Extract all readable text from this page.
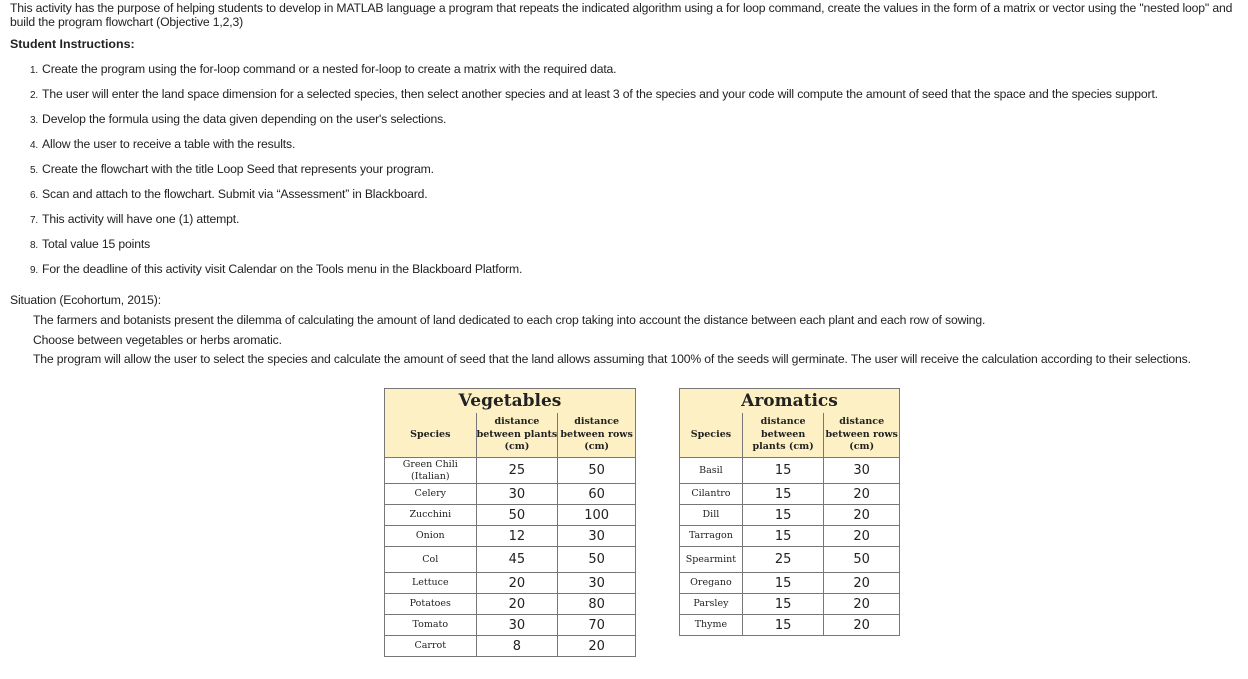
This activity has the purpose of helping students to develop in MATLAB language a program that repeats the indicated algorithm using a for loop command, create the values in the form of a matrix or vector using the "nested loop" and build the program flowchart (Objective 1,2,3)
Student Instructions:
1. Create the program using the for-loop command or a nested for-loop to create a matrix with the required data.
2. The user will enter the land space dimension for a selected species, then select another species and at least 3 of the species and your code will compute the amount of seed that the space and the species support.
3. Develop the formula using the data given depending on the user's selections.
4. Allow the user to receive a table with the results.
5. Create the flowchart with the title Loop Seed that represents your program.
6. Scan and attach to the flowchart. Submit via “Assessment” in Blackboard.
7. This activity will have one (1) attempt.
8. Total value 15 points
9. For the deadline of this activity visit Calendar on the Tools menu in the Blackboard Platform.
Situation (Ecohortum, 2015):
The farmers and botanists present the dilemma of calculating the amount of land dedicated to each crop taking into account the distance between each plant and each row of sowing.
Choose between vegetables or herbs aromatic.
The program will allow the user to select the species and calculate the amount of seed that the land allows assuming that 100% of the seeds will germinate. The user will receive the calculation according to their selections.
Vegetables		
Species	distance between plants (cm)	distance between rows (cm)
Green Chili (Italian)	25	50
Celery	30	60
Zucchini	50	100
Onion	12	30
Col	45	50
Lettuce	20	30
Potatoes	20	80
Tomato	30	70
Carrot	8	20
Aromatics		
Species	distance between plants (cm)	distance between rows (cm)
Basil	15	30
Cilantro	15	20
Dill	15	20
Tarragon	15	20
Spearmint	25	50
Oregano	15	20
Parsley	15	20
Thyme	15	20
